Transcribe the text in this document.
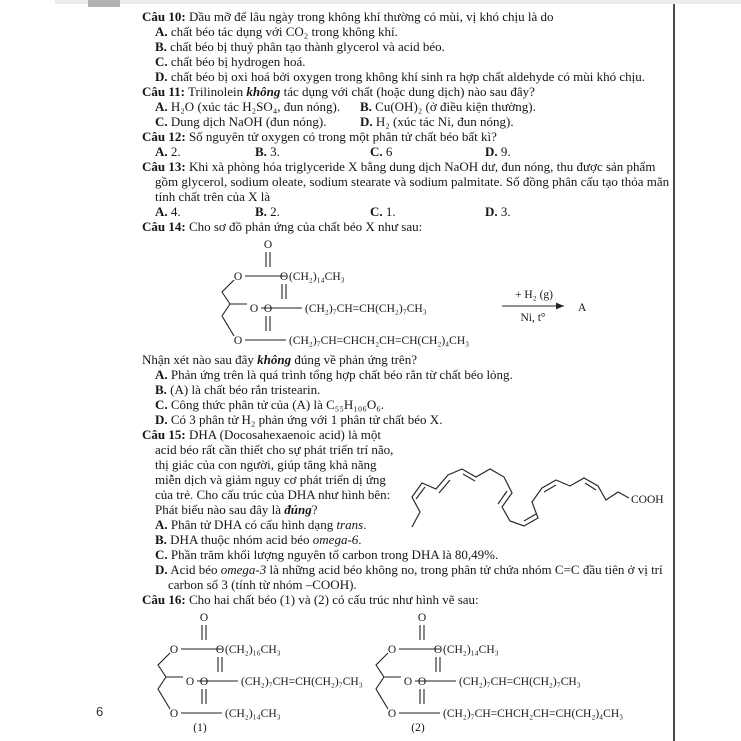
Câu 10: Dầu mỡ để lâu ngày trong không khí thường có mùi, vị khó chịu là do
A. chất béo tác dụng với CO₂ trong không khí.
B. chất béo bị thuỷ phân tạo thành glycerol và acid béo.
C. chất béo bị hydrogen hoá.
D. chất béo bị oxi hoá bởi oxygen trong không khí sinh ra hợp chất aldehyde có mùi khó chịu.
Câu 11: Trilinolein không tác dụng với chất (hoặc dung dịch) nào sau đây?
A. H₂O (xúc tác H₂SO₄, đun nóng).	B. Cu(OH)₂ (ở điều kiện thường).
C. Dung dịch NaOH (đun nóng).	D. H₂ (xúc tác Ni, đun nóng).
Câu 12: Số nguyên tử oxygen có trong một phân tử chất béo bất kì?
A. 2.	B. 3.	C. 6	D. 9.
Câu 13: Khi xà phòng hóa triglyceride X bằng dung dịch NaOH dư, đun nóng, thu được sản phẩm gồm glycerol, sodium oleate, sodium stearate và sodium palmitate. Số đồng phân cấu tạo thỏa mãn tính chất trên của X là
A. 4.	B. 2.	C. 1.	D. 3.
Câu 14: Cho sơ đồ phản ứng của chất béo X như sau:
O
O
(CH₂)₁₄CH₃
O
O
(CH₂)₇CH=CH(CH₂)₇CH₃
O
O
(CH₂)₇CH=CHCH₂CH=CH(CH₂)₄CH₃
+ H₂ (g)
Ni, t°
A
Nhận xét nào sau đây không đúng về phản ứng trên?
A. Phản ứng trên là quá trình tổng hợp chất béo rắn từ chất béo lỏng.
B. (A) là chất béo rắn tristearin.
C. Công thức phân tử của (A) là C₅₅H₁₀₆O₆.
D. Có 3 phân tử H₂ phản ứng với 1 phân tử chất béo X.
COOH
Câu 15: DHA (Docosahexaenoic acid) là một acid béo rất cần thiết cho sự phát triển trí não, thị giác của con người, giúp tăng khả năng miễn dịch và giảm nguy cơ phát triển dị ứng của trẻ. Cho cấu trúc của DHA như hình bên:
Phát biểu nào sau đây là đúng?
A. Phân tử DHA có cấu hình dạng trans.
B. DHA thuộc nhóm acid béo omega-6.
C. Phần trăm khối lượng nguyên tố carbon trong DHA là 80,49%.
D. Acid béo omega-3 là những acid béo không no, trong phân tử chứa nhóm C=C đầu tiên ở vị trí carbon số 3 (tính từ nhóm –COOH).
Câu 16: Cho hai chất béo (1) và (2) có cấu trúc như hình vẽ sau:
O
O
(CH₂)₁₆CH₃
O
O
(CH₂)₇CH=CH(CH₂)₇CH₃
O
O
(CH₂)₁₄CH₃
(1)
O
O
(CH₂)₁₄CH₃
O
O
(CH₂)₇CH=CH(CH₂)₇CH₃
O
O
(CH₂)₇CH=CHCH₂CH=CH(CH₂)₄CH₃
(2)
6
